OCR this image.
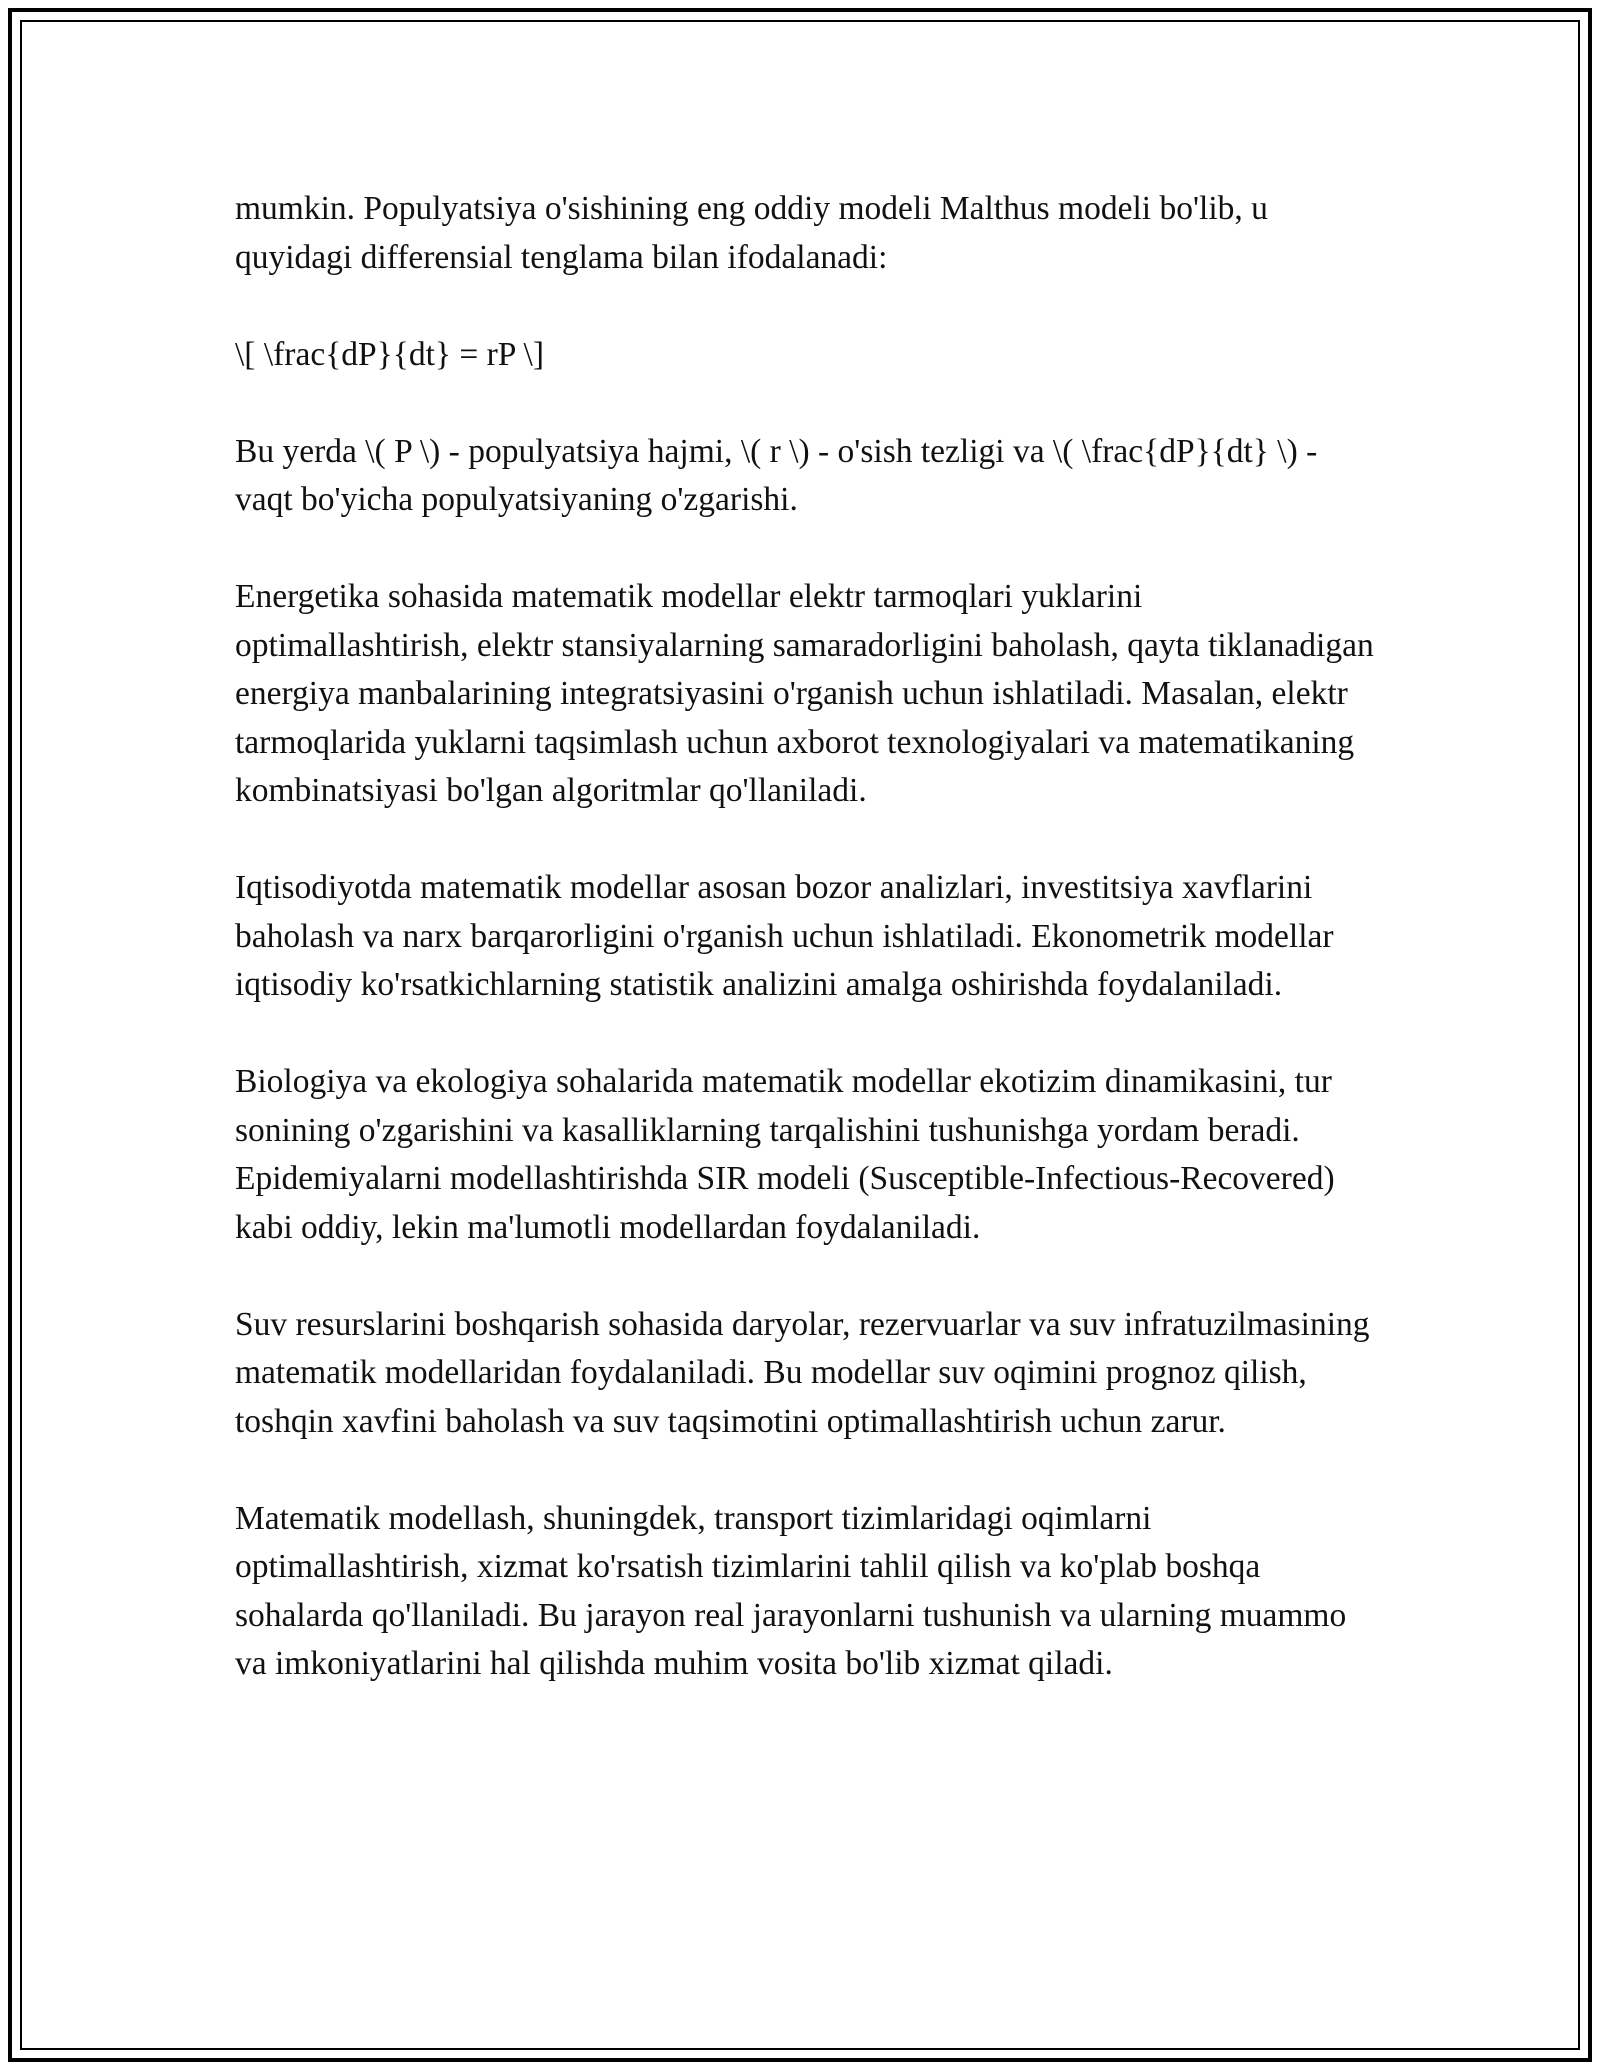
mumkin. Populyatsiya o'sishining eng oddiy modeli Malthus modeli bo'lib, u quyidagi differensial tenglama bilan ifodalanadi:

\[ \frac{dP}{dt} = rP \]

Bu yerda \( P \) - populyatsiya hajmi, \( r \) - o'sish tezligi va \( \frac{dP}{dt} \) - vaqt bo'yicha populyatsiyaning o'zgarishi.

Energetika sohasida matematik modellar elektr tarmoqlari yuklarini optimallashtirish, elektr stansiyalarning samaradorligini baholash, qayta tiklanadigan energiya manbalarining integratsiyasini o'rganish uchun ishlatiladi. Masalan, elektr tarmoqlarida yuklarni taqsimlash uchun axborot texnologiyalari va matematikaning kombinatsiyasi bo'lgan algoritmlar qo'llaniladi.

Iqtisodiyotda matematik modellar asosan bozor analizlari, investitsiya xavflarini baholash va narx barqarorligini o'rganish uchun ishlatiladi. Ekonometrik modellar iqtisodiy ko'rsatkichlarning statistik analizini amalga oshirishda foydalaniladi.

Biologiya va ekologiya sohalarida matematik modellar ekotizim dinamikasini, tur sonining o'zgarishini va kasalliklarning tarqalishini tushunishga yordam beradi. Epidemiyalarni modellashtirishda SIR modeli (Susceptible-Infectious-Recovered) kabi oddiy, lekin ma'lumotli modellardan foydalaniladi.

Suv resurslarini boshqarish sohasida daryolar, rezervuarlar va suv infratuzilmasining matematik modellaridan foydalaniladi. Bu modellar suv oqimini prognoz qilish, toshqin xavfini baholash va suv taqsimotini optimallashtirish uchun zarur.

Matematik modellash, shuningdek, transport tizimlaridagi oqimlarni optimallashtirish, xizmat ko'rsatish tizimlarini tahlil qilish va ko'plab boshqa sohalarda qo'llaniladi. Bu jarayon real jarayonlarni tushunish va ularning muammo va imkoniyatlarini hal qilishda muhim vosita bo'lib xizmat qiladi.
